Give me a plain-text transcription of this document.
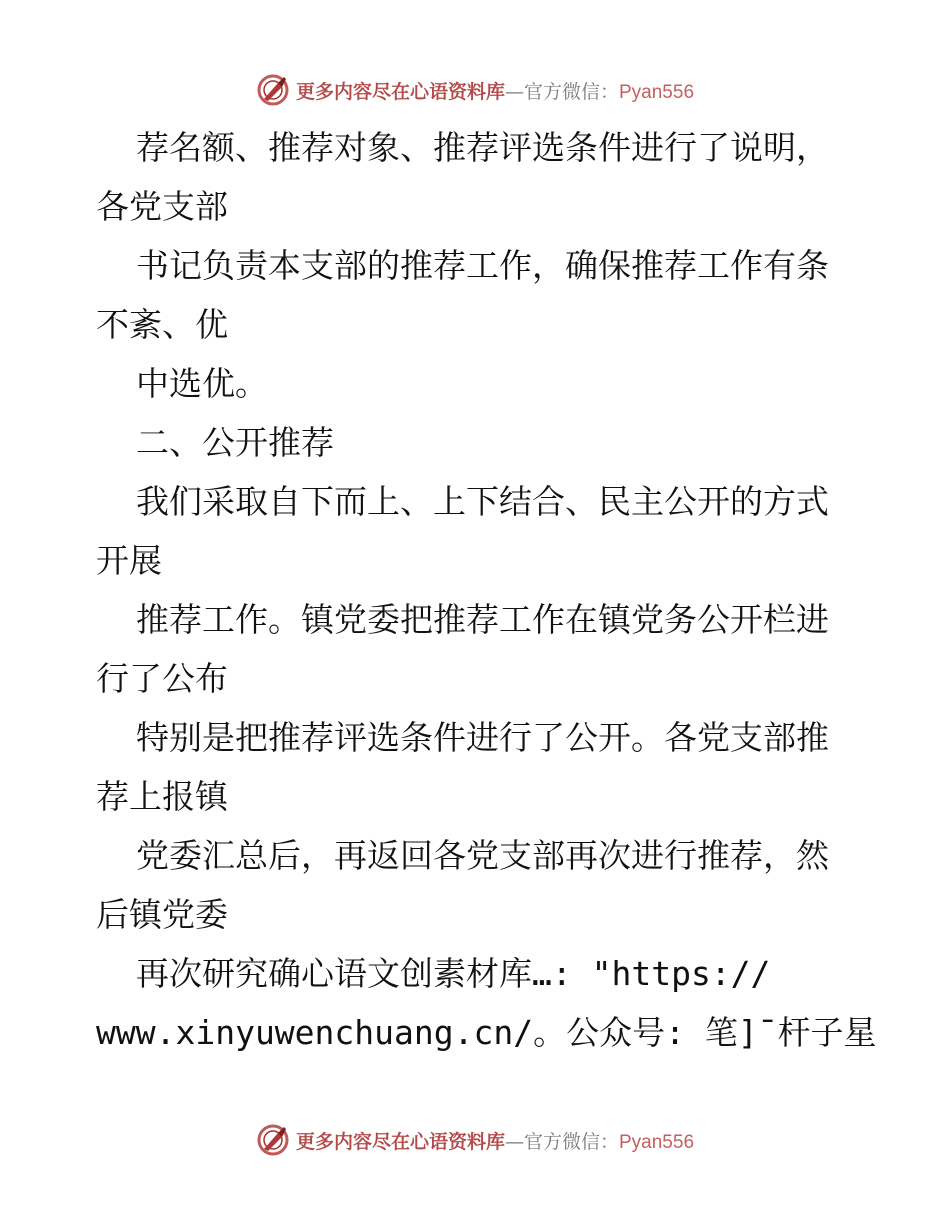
更多内容尽在心语资料库—官方微信：Pyan556
荐名额、推荐对象、推荐评选条件进行了说明，
各党支部
书记负责本支部的推荐工作，确保推荐工作有条
不紊、优
中选优。
二、公开推荐
我们采取自下而上、上下结合、民主公开的方式
开展
推荐工作。镇党委把推荐工作在镇党务公开栏进
行了公布
特别是把推荐评选条件进行了公开。各党支部推
荐上报镇
党委汇总后，再返回各党支部再次进行推荐，然
后镇党委
再次研究确心语文创素材库…: "https://
www.xinyuwenchuang.cn/。公众号: 笔]¯杆子星
更多内容尽在心语资料库—官方微信：Pyan556
